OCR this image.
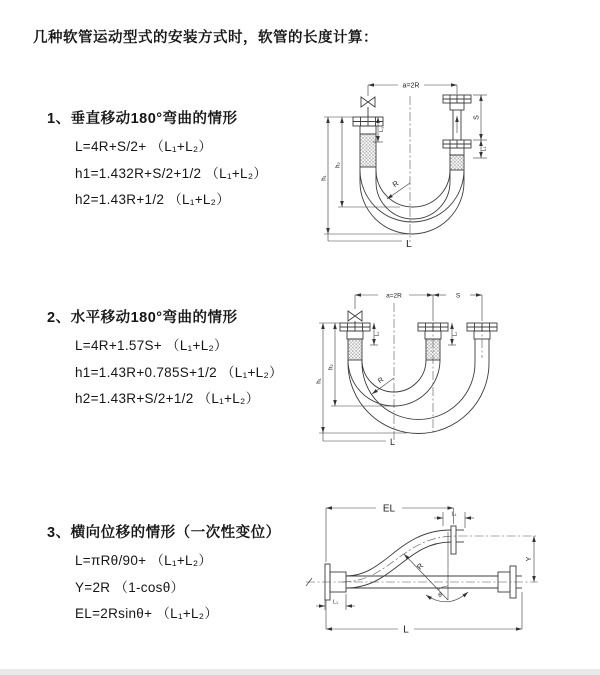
几种软管运动型式的安装方式时，软管的长度计算：
1、垂直移动180°弯曲的情形
L=4R+S/2+ （L₁+L₂）
h1=1.432R+S/2+1/2 （L₁+L₂）
h2=1.43R+1/2 （L₁+L₂）
a=2R
S
L₁
L₁
h₁
h₂
R
L
2、水平移动180°弯曲的情形
L=4R+1.57S+ （L₁+L₂）
h1=1.43R+0.785S+1/2 （L₁+L₂）
h2=1.43R+S/2+1/2 （L₁+L₂）
a=2R	S
L₁	L₁
h₁
h₂
R
L
3、横向位移的情形（一次性变位）
L=πRθ/90+ （L₁+L₂）
Y=2R （1-cosθ）
EL=2Rsinθ+ （L₁+L₂）
EL	L₁
Y
R
θ
L
L₁
